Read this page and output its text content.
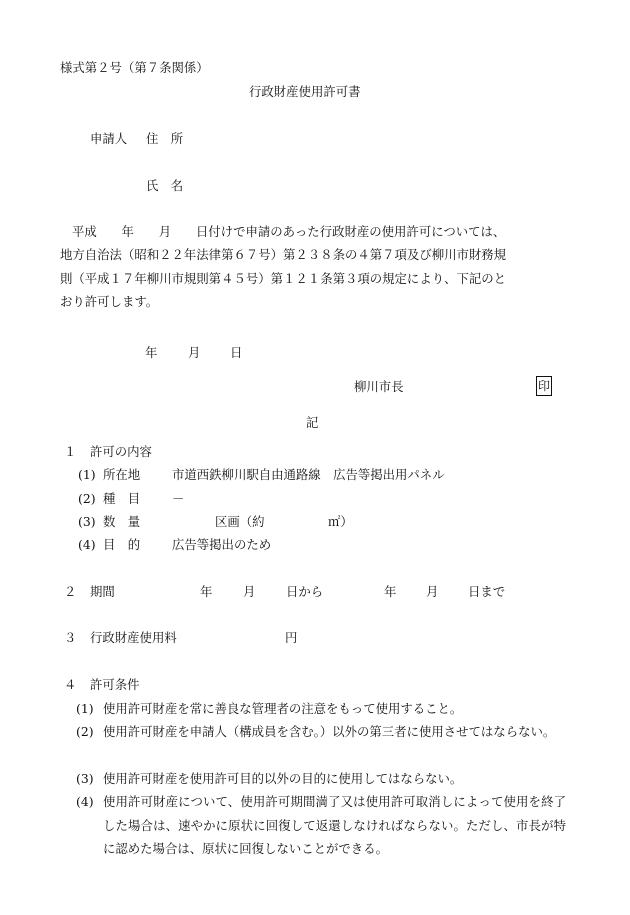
様式第２号（第７条関係）
行政財産使用許可書
申請人 住　所
氏　名
平成　　年　　月　　日付けで申請のあった行政財産の使用許可については、
地方自治法（昭和２２年法律第６７号）第２３８条の４第７項及び柳川市財務規
則（平成１７年柳川市規則第４５号）第１２１条第３項の規定により、下記のと
おり許可します。
年 月 日
柳川市長	印
記
１ 許可の内容
(1) 所在地	市道西鉄柳川駅自由通路線　広告等掲出用パネル
(2) 種　目	－
(3) 数　量	区画（約	㎡）
(4) 目　的	広告等掲出のため
２ 期間	年 月 日から	年 月 日まで
３ 行政財産使用料	円
４ 許可条件
(1) 使用許可財産を常に善良な管理者の注意をもって使用すること。
(2) 使用許可財産を申請人（構成員を含む。）以外の第三者に使用させてはならない。
(3) 使用許可財産を使用許可目的以外の目的に使用してはならない。
(4) 使用許可財産について、使用許可期間満了又は使用許可取消しによって使用を終了した場合は、速やかに原状に回復して返還しなければならない。ただし、市長が特に認めた場合は、原状に回復しないことができる。
